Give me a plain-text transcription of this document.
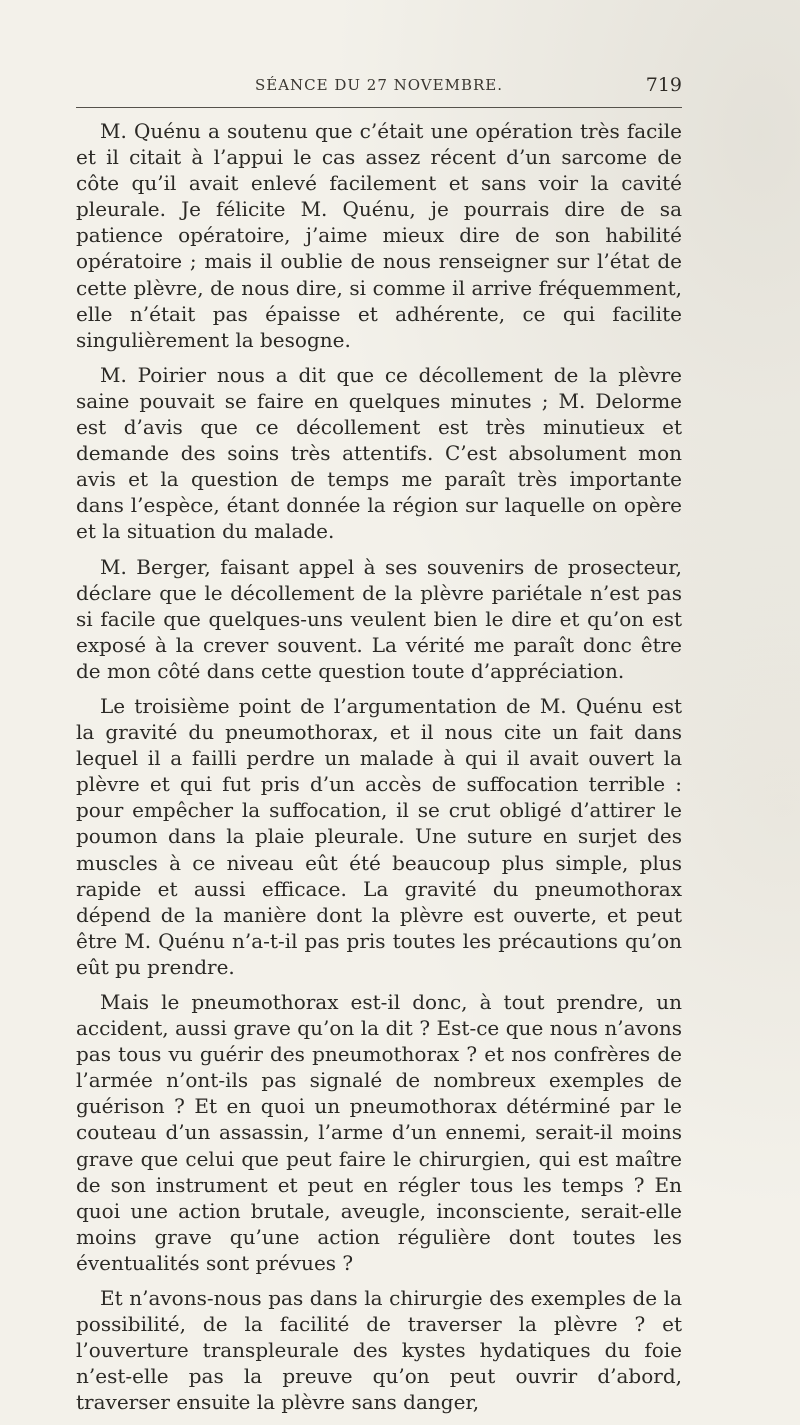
SÉANCE DU 27 NOVEMBRE.	719

M. Quénu a soutenu que c’était une opération très facile et il citait à l’appui le cas assez récent d’un sarcome de côte qu’il avait enlevé facilement et sans voir la cavité pleurale. Je félicite M. Quénu, je pourrais dire de sa patience opératoire, j’aime mieux dire de son habilité opératoire ; mais il oublie de nous renseigner sur l’état de cette plèvre, de nous dire, si comme il arrive fréquemment, elle n’était pas épaisse et adhérente, ce qui facilite singulièrement la besogne.

M. Poirier nous a dit que ce décollement de la plèvre saine pouvait se faire en quelques minutes ; M. Delorme est d’avis que ce décollement est très minutieux et demande des soins très attentifs. C’est absolument mon avis et la question de temps me paraît très importante dans l’espèce, étant donnée la région sur laquelle on opère et la situation du malade.

M. Berger, faisant appel à ses souvenirs de prosecteur, déclare que le décollement de la plèvre pariétale n’est pas si facile que quelques-uns veulent bien le dire et qu’on est exposé à la crever souvent. La vérité me paraît donc être de mon côté dans cette question toute d’appréciation.

Le troisième point de l’argumentation de M. Quénu est la gravité du pneumothorax, et il nous cite un fait dans lequel il a failli perdre un malade à qui il avait ouvert la plèvre et qui fut pris d’un accès de suffocation terrible : pour empêcher la suffocation, il se crut obligé d’attirer le poumon dans la plaie pleurale. Une suture en surjet des muscles à ce niveau eût été beaucoup plus simple, plus rapide et aussi efficace. La gravité du pneumothorax dépend de la manière dont la plèvre est ouverte, et peut être M. Quénu n’a-t-il pas pris toutes les précautions qu’on eût pu prendre.

Mais le pneumothorax est-il donc, à tout prendre, un accident, aussi grave qu’on la dit ? Est-ce que nous n’avons pas tous vu guérir des pneumothorax ? et nos confrères de l’armée n’ont-ils pas signalé de nombreux exemples de guérison ? Et en quoi un pneumothorax détérminé par le couteau d’un assassin, l’arme d’un ennemi, serait-il moins grave que celui que peut faire le chirurgien, qui est maître de son instrument et peut en régler tous les temps ? En quoi une action brutale, aveugle, inconsciente, serait-elle moins grave qu’une action régulière dont toutes les éventualités sont prévues ?

Et n’avons-nous pas dans la chirurgie des exemples de la possibilité, de la facilité de traverser la plèvre ? et l’ouverture transpleurale des kystes hydatiques du foie n’est-elle pas la preuve qu’on peut ouvrir d’abord, traverser ensuite la plèvre sans danger,
